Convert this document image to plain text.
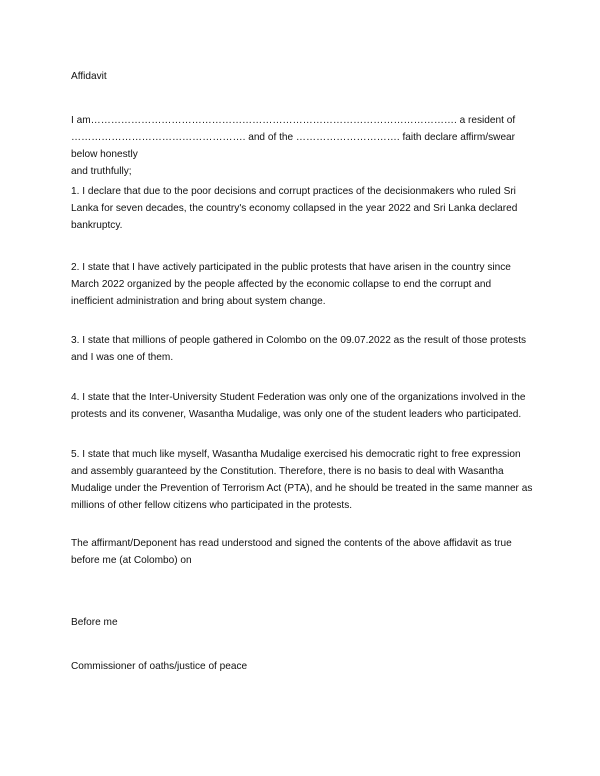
Affidavit

I am………………………………………………………………………………………………. a resident of
……………………………………………. and of the …………………………. faith declare affirm/swear below honestly
and truthfully;

1. I declare that due to the poor decisions and corrupt practices of the decisionmakers who ruled Sri
Lanka for seven decades, the country's economy collapsed in the year 2022 and Sri Lanka declared
bankruptcy.

2. I state that I have actively participated in the public protests that have arisen in the country since
March 2022 organized by the people affected by the economic collapse to end the corrupt and
inefficient administration and bring about system change.

3. I state that millions of people gathered in Colombo on the 09.07.2022 as the result of those protests
and I was one of them.

4. I state that the Inter-University Student Federation was only one of the organizations involved in the
protests and its convener, Wasantha Mudalige, was only one of the student leaders who participated.

5. I state that much like myself, Wasantha Mudalige exercised his democratic right to free expression
and assembly guaranteed by the Constitution. Therefore, there is no basis to deal with Wasantha
Mudalige under the Prevention of Terrorism Act (PTA), and he should be treated in the same manner as
millions of other fellow citizens who participated in the protests.

The affirmant/Deponent has read understood and signed the contents of the above affidavit as true
before me (at Colombo) on

Before me

Commissioner of oaths/justice of peace
